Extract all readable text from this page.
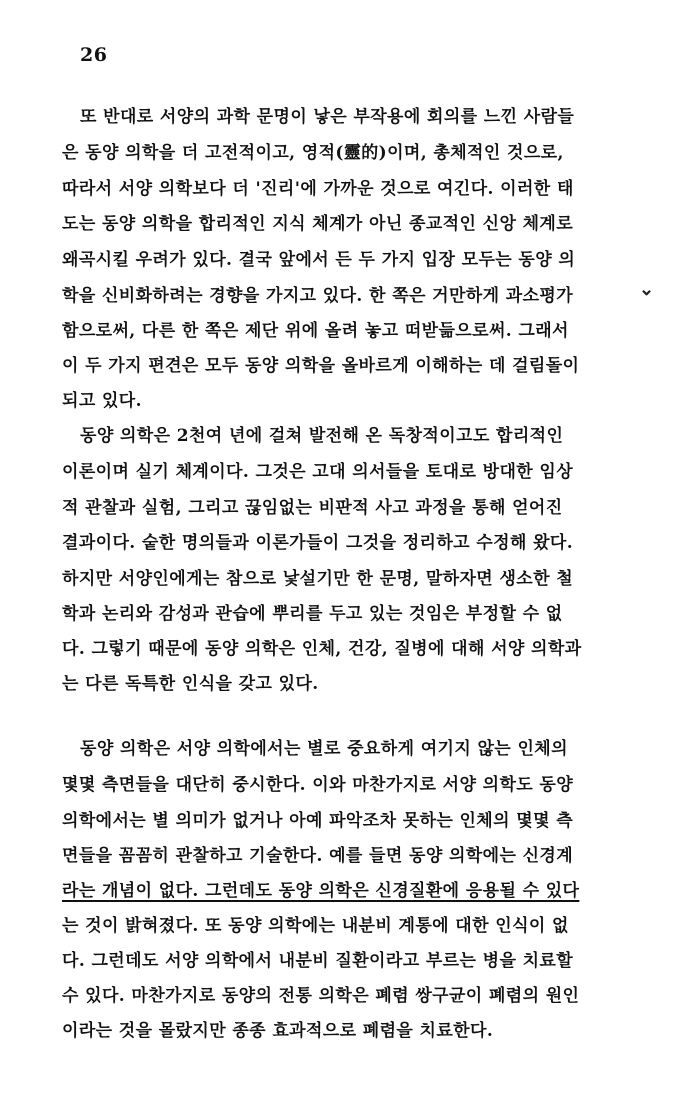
26
또 반대로 서양의 과학 문명이 낳은 부작용에 회의를 느낀 사람들
은 동양 의학을 더 고전적이고, 영적(靈的)이며, 총체적인 것으로,
따라서 서양 의학보다 더 '진리'에 가까운 것으로 여긴다. 이러한 태
도는 동양 의학을 합리적인 지식 체계가 아닌 종교적인 신앙 체계로
왜곡시킬 우려가 있다. 결국 앞에서 든 두 가지 입장 모두는 동양 의
학을 신비화하려는 경향을 가지고 있다. 한 쪽은 거만하게 과소평가
함으로써, 다른 한 쪽은 제단 위에 올려 놓고 떠받듦으로써. 그래서
이 두 가지 편견은 모두 동양 의학을 올바르게 이해하는 데 걸림돌이
되고 있다.
⌄
동양 의학은 2천여 년에 걸쳐 발전해 온 독창적이고도 합리적인
이론이며 실기 체계이다. 그것은 고대 의서들을 토대로 방대한 임상
적 관찰과 실험, 그리고 끊임없는 비판적 사고 과정을 통해 얻어진
결과이다. 숱한 명의들과 이론가들이 그것을 정리하고 수정해 왔다.
하지만 서양인에게는 참으로 낯설기만 한 문명, 말하자면 생소한 철
학과 논리와 감성과 관습에 뿌리를 두고 있는 것임은 부정할 수 없
다. 그렇기 때문에 동양 의학은 인체, 건강, 질병에 대해 서양 의학과
는 다른 독특한 인식을 갖고 있다.
동양 의학은 서양 의학에서는 별로 중요하게 여기지 않는 인체의
몇몇 측면들을 대단히 중시한다. 이와 마찬가지로 서양 의학도 동양
의학에서는 별 의미가 없거나 아예 파악조차 못하는 인체의 몇몇 측
면들을 꼼꼼히 관찰하고 기술한다. 예를 들면 동양 의학에는 신경계
라는 개념이 없다. 그런데도 동양 의학은 신경질환에 응용될 수 있다
는 것이 밝혀졌다. 또 동양 의학에는 내분비 계통에 대한 인식이 없
다. 그런데도 서양 의학에서 내분비 질환이라고 부르는 병을 치료할
수 있다. 마찬가지로 동양의 전통 의학은 폐렴 쌍구균이 폐렴의 원인
이라는 것을 몰랐지만 종종 효과적으로 폐렴을 치료한다.
